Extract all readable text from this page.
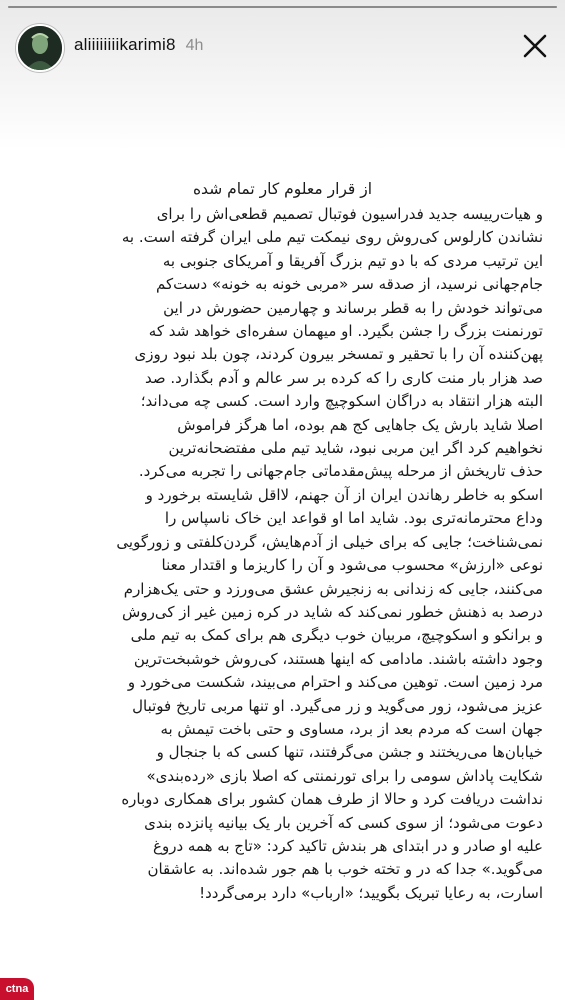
aliiiiiiiikarimi8 4h
از قرار معلوم کار تمام شده
و هیات‌رییسه جدید فدراسیون فوتبال تصمیم قطعی‌اش را برای
نشاندن کارلوس کی‌روش روی نیمکت تیم ملی ایران گرفته است. به
این ترتیب مردی که با دو تیم بزرگ آفریقا و آمریکای جنوبی به
جام‌جهانی نرسید، از صدقه سر «مربی خونه به خونه» دست‌کم
می‌تواند خودش را به قطر برساند و چهارمین حضورش در این
تورنمنت بزرگ را جشن بگیرد. او میهمان سفره‌ای خواهد شد که
پهن‌کننده آن را با تحقیر و تمسخر بیرون کردند، چون بلد نبود روزی
صد هزار بار منت کاری را که کرده بر سر عالم و آدم بگذارد. صد
البته هزار انتقاد به دراگان اسکوچیچ وارد است. کسی چه می‌داند؛
اصلا شاید بارش یک جاهایی کج هم بوده، اما هرگز فراموش
نخواهیم کرد اگر این مربی نبود، شاید تیم ملی مفتضحانه‌ترین
حذف تاریخش از مرحله پیش‌مقدماتی جام‌جهانی را تجربه می‌کرد.
اسکو به خاطر رهاندن ایران از آن جهنم، لااقل شایسته برخورد و
وداع محترمانه‌تری بود. شاید اما او قواعد این خاک ناسپاس را
نمی‌شناخت؛ جایی که برای خیلی از آدم‌هایش، گردن‌کلفتی و زورگویی
نوعی «ارزش» محسوب می‌شود و آن را کاریزما و اقتدار معنا
می‌کنند، جایی که زندانی به زنجیرش عشق می‌ورزد و حتی یک‌هزارم
درصد به ذهنش خطور نمی‌کند که شاید در کره زمین غیر از کی‌روش
و برانکو و اسکوچیچ، مربیان خوب دیگری هم برای کمک به تیم ملی
وجود داشته باشند. مادامی که اینها هستند، کی‌روش خوشبخت‌ترین
مرد زمین است. توهین می‌کند و احترام می‌بیند، شکست می‌خورد و
عزیز می‌شود، زور می‌گوید و زر می‌گیرد. او تنها مربی تاریخ فوتبال
جهان است که مردم بعد از برد، مساوی و حتی باخت تیمش به
خیابان‌ها می‌ریختند و جشن می‌گرفتند، تنها کسی که با جنجال و
شکایت پاداش سومی را برای تورنمنتی که اصلا بازی «رده‌بندی»
نداشت دریافت کرد و حالا از طرف همان کشور برای همکاری دوباره
دعوت می‌شود؛ از سوی کسی که آخرین بار یک بیانیه پانزده بندی
علیه او صادر و در ابتدای هر بندش تاکید کرد: «تاج به همه دروغ
می‌گوید.» جدا که در و تخته خوب با هم جور شده‌اند. به عاشقان
اسارت، به رعایا تبریک بگویید؛ «ارباب» دارد برمی‌گردد!
ctna
